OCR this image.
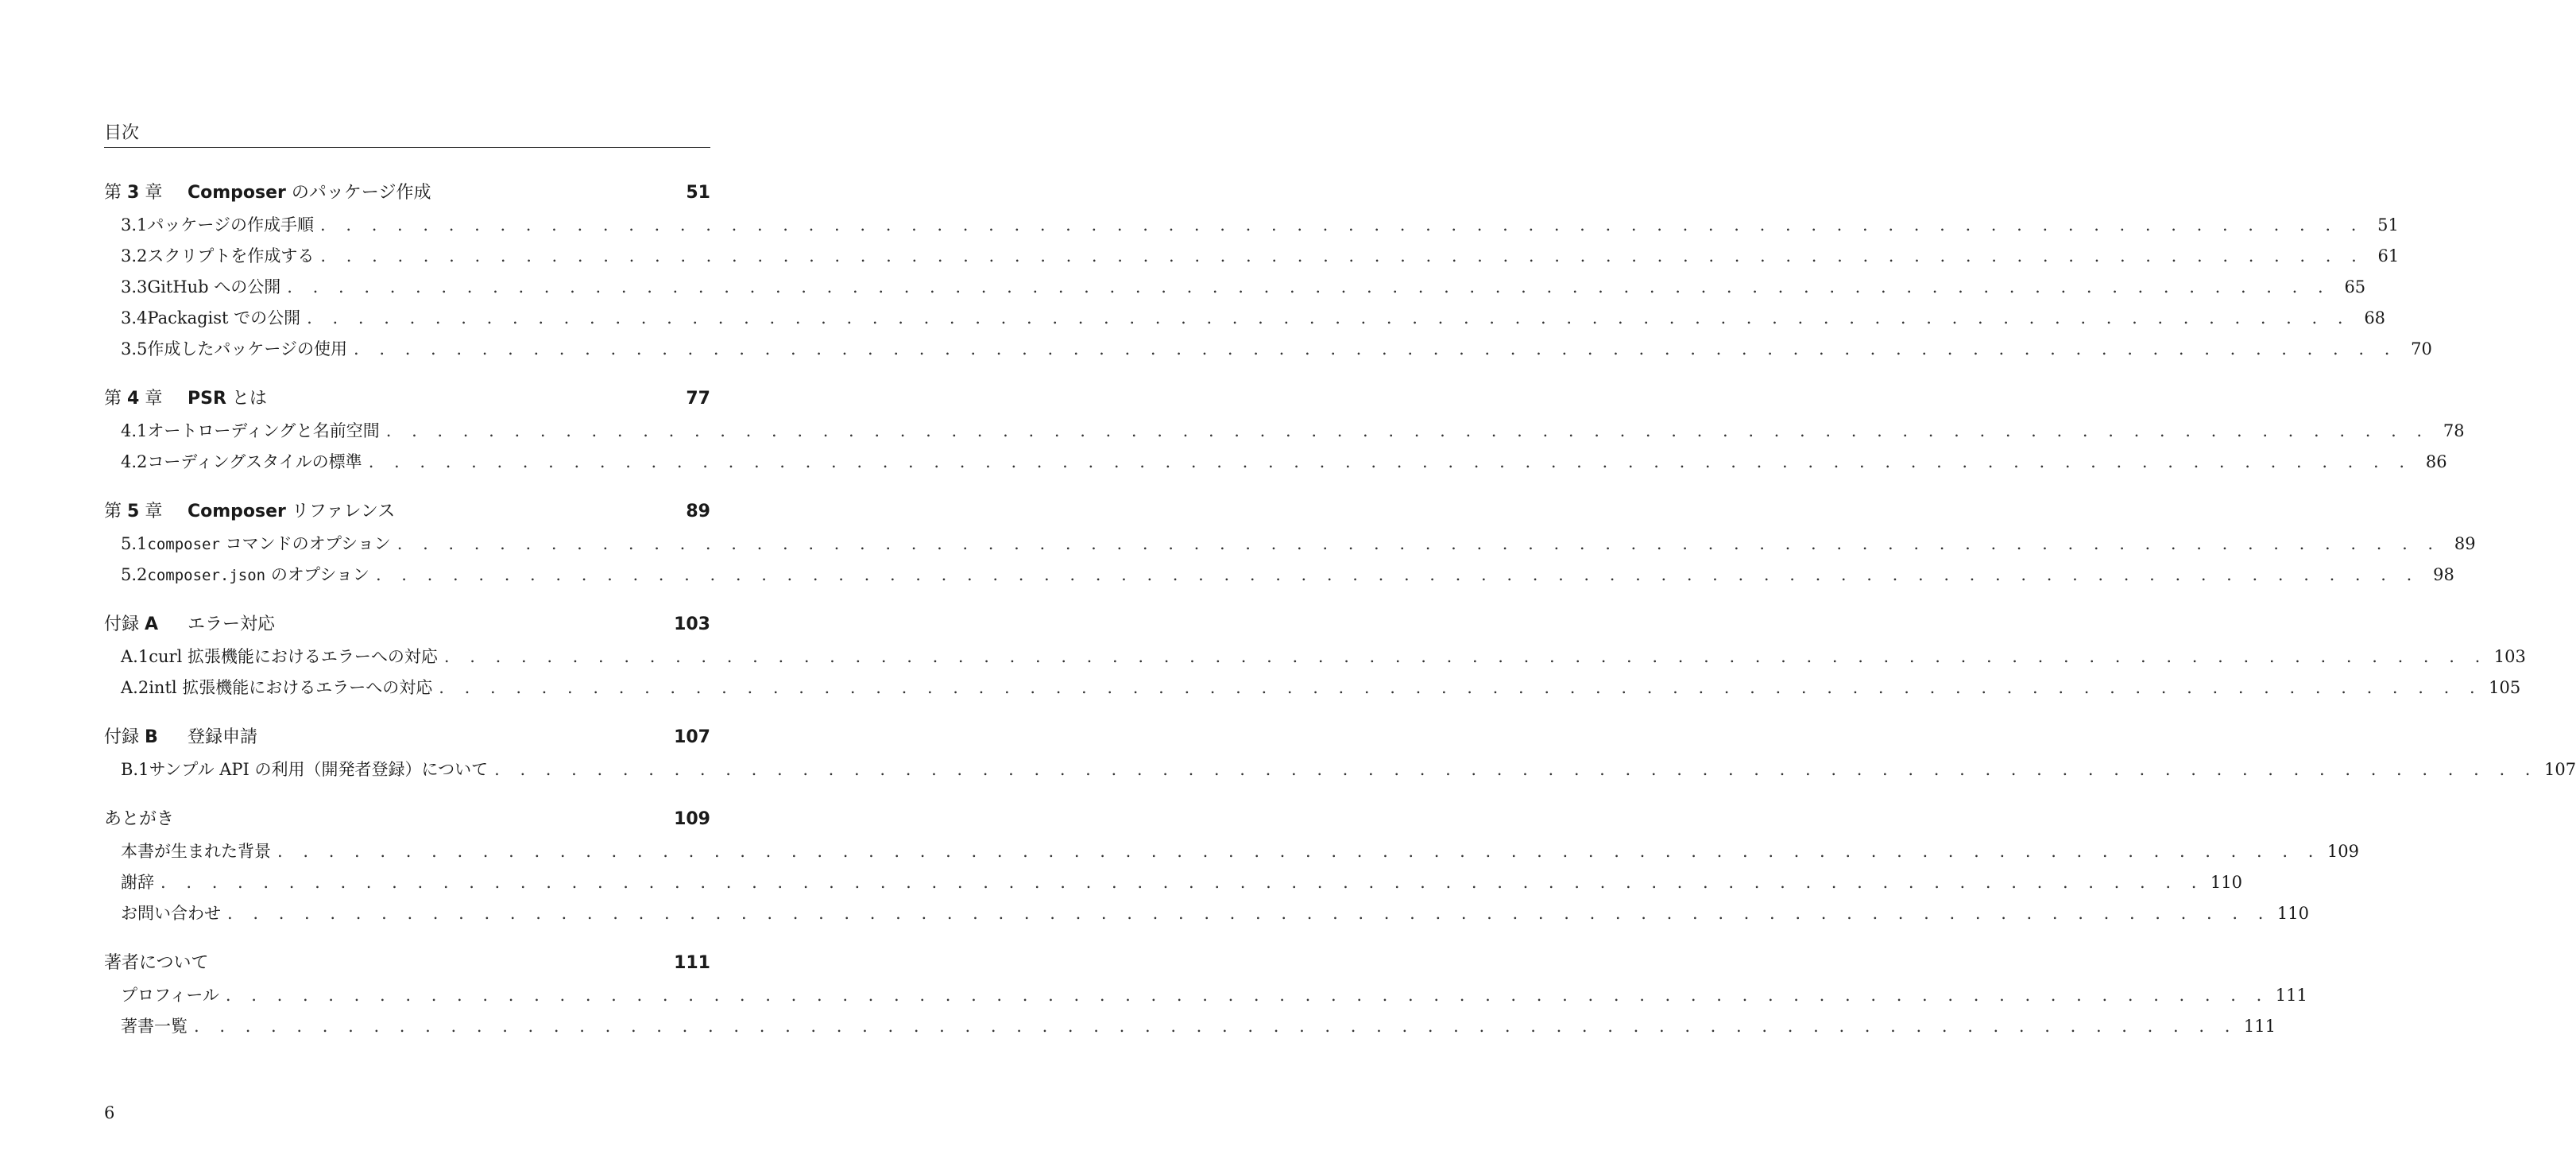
目次
第 3 章	Composer のパッケージ作成	51
3.1 パッケージの作成手順 . . . . . . . . . . . . . . . . . . . . . . . . . . . . . . . . . . . . . . . . . . . . . . . . . . . . . . . . . . . . . . . . . . . . . . . . . . . . . . . . 51
3.2 スクリプトを作成する . . . . . . . . . . . . . . . . . . . . . . . . . . . . . . . . . . . . . . . . . . . . . . . . . . . . . . . . . . . . . . . . . . . . . . . . . . . . . . . . 61
3.3 GitHub への公開 . . . . . . . . . . . . . . . . . . . . . . . . . . . . . . . . . . . . . . . . . . . . . . . . . . . . . . . . . . . . . . . . . . . . . . . . . . . . . . . . 65
3.4 Packagist での公開 . . . . . . . . . . . . . . . . . . . . . . . . . . . . . . . . . . . . . . . . . . . . . . . . . . . . . . . . . . . . . . . . . . . . . . . . . . . . . . . . 68
3.5 作成したパッケージの使用 . . . . . . . . . . . . . . . . . . . . . . . . . . . . . . . . . . . . . . . . . . . . . . . . . . . . . . . . . . . . . . . . . . . . . . . . . . . . . . . . 70
第 4 章	PSR とは	77
4.1 オートローディングと名前空間 . . . . . . . . . . . . . . . . . . . . . . . . . . . . . . . . . . . . . . . . . . . . . . . . . . . . . . . . . . . . . . . . . . . . . . . . . . . . . . . . 78
4.2 コーディングスタイルの標準 . . . . . . . . . . . . . . . . . . . . . . . . . . . . . . . . . . . . . . . . . . . . . . . . . . . . . . . . . . . . . . . . . . . . . . . . . . . . . . . . 86
第 5 章	Composer リファレンス	89
5.1 composer コマンドのオプション . . . . . . . . . . . . . . . . . . . . . . . . . . . . . . . . . . . . . . . . . . . . . . . . . . . . . . . . . . . . . . . . . . . . . . . . . . . . . . . . 89
5.2 composer.json のオプション . . . . . . . . . . . . . . . . . . . . . . . . . . . . . . . . . . . . . . . . . . . . . . . . . . . . . . . . . . . . . . . . . . . . . . . . . . . . . . . . 98
付録 A	エラー対応	103
A.1 curl 拡張機能におけるエラーへの対応 . . . . . . . . . . . . . . . . . . . . . . . . . . . . . . . . . . . . . . . . . . . . . . . . . . . . . . . . . . . . . . . . . . . . . . . . . . . . . . . . 103
A.2 intl 拡張機能におけるエラーへの対応 . . . . . . . . . . . . . . . . . . . . . . . . . . . . . . . . . . . . . . . . . . . . . . . . . . . . . . . . . . . . . . . . . . . . . . . . . . . . . . . . 105
付録 B	登録申請	107
B.1 サンプル API の利用（開発者登録）について . . . . . . . . . . . . . . . . . . . . . . . . . . . . . . . . . . . . . . . . . . . . . . . . . . . . . . . . . . . . . . . . . . . . . . . . . . . . . . . . 107
あとがき	109
本書が生まれた背景 . . . . . . . . . . . . . . . . . . . . . . . . . . . . . . . . . . . . . . . . . . . . . . . . . . . . . . . . . . . . . . . . . . . . . . . . . . . . . . . . 109
謝辞 . . . . . . . . . . . . . . . . . . . . . . . . . . . . . . . . . . . . . . . . . . . . . . . . . . . . . . . . . . . . . . . . . . . . . . . . . . . . . . . . 110
お問い合わせ . . . . . . . . . . . . . . . . . . . . . . . . . . . . . . . . . . . . . . . . . . . . . . . . . . . . . . . . . . . . . . . . . . . . . . . . . . . . . . . . 110
著者について	111
プロフィール . . . . . . . . . . . . . . . . . . . . . . . . . . . . . . . . . . . . . . . . . . . . . . . . . . . . . . . . . . . . . . . . . . . . . . . . . . . . . . . . 111
著書一覧 . . . . . . . . . . . . . . . . . . . . . . . . . . . . . . . . . . . . . . . . . . . . . . . . . . . . . . . . . . . . . . . . . . . . . . . . . . . . . . . . 111
6
